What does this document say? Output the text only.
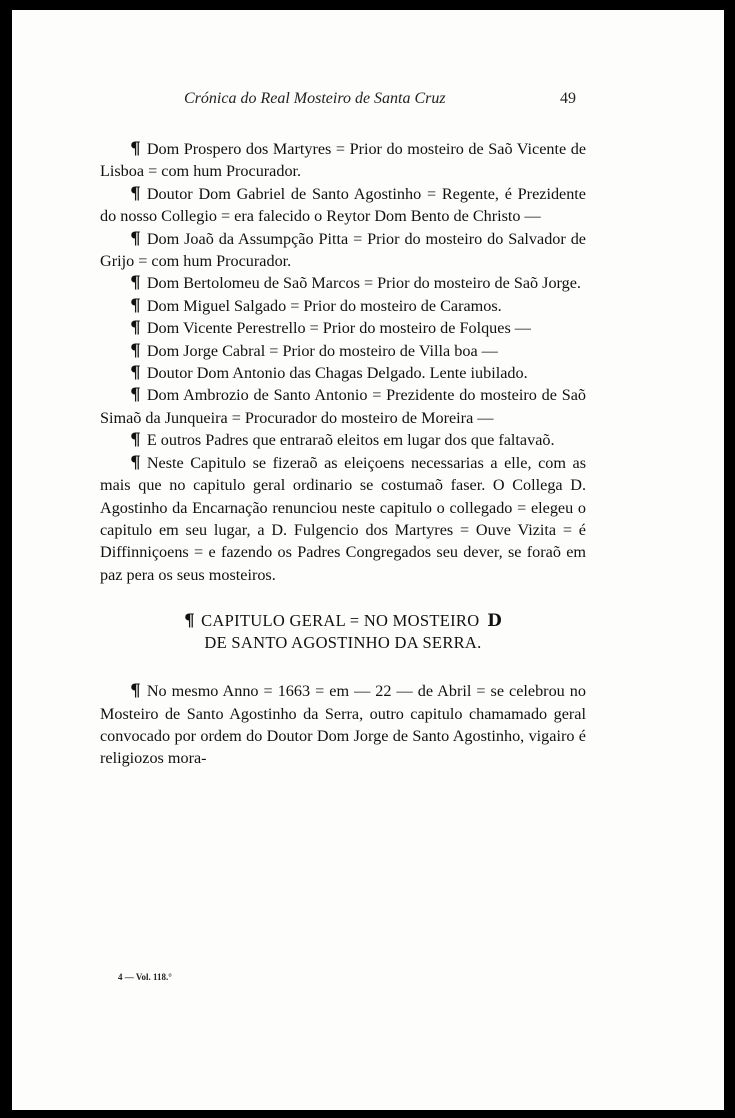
Crónica do Real Mosteiro de Santa Cruz	49

¶ Dom Prospero dos Martyres = Prior do mosteiro de Saõ Vicente de Lisboa = com hum Procurador.

¶ Doutor Dom Gabriel de Santo Agostinho = Regente, é Prezidente do nosso Collegio = era falecido o Reytor Dom Bento de Christo —

¶ Dom Joaõ da Assumpção Pitta = Prior do mosteiro do Salvador de Grijo = com hum Procurador.

¶ Dom Bertolomeu de Saõ Marcos = Prior do mosteiro de Saõ Jorge.

¶ Dom Miguel Salgado = Prior do mosteiro de Caramos.

¶ Dom Vicente Perestrello = Prior do mosteiro de Folques —

¶ Dom Jorge Cabral = Prior do mosteiro de Villa boa —

¶ Doutor Dom Antonio das Chagas Delgado. Lente iubilado.

¶ Dom Ambrozio de Santo Antonio = Prezidente do mosteiro de Saõ Simaõ da Junqueira = Procurador do mosteiro de Moreira —

¶ E outros Padres que entraraõ eleitos em lugar dos que faltavaõ.

¶ Neste Capitulo se fizeraõ as eleiçoens necessarias a elle, com as mais que no capitulo geral ordinario se costumaõ faser. O Collega D. Agostinho da Encarnação renunciou neste capitulo o collegado = elegeu o capitulo em seu lugar, a D. Fulgencio dos Martyres = Ouve Vizita = é Diffinniçoens = e fazendo os Padres Congregados seu dever, se foraõ em paz pera os seus mosteiros.

¶ CAPITULO GERAL = NO MOSTEIRO D
DE SANTO AGOSTINHO DA SERRA.

¶ No mesmo Anno = 1663 = em — 22 — de Abril = se celebrou no Mosteiro de Santo Agostinho da Serra, outro capitulo chamamado geral convocado por ordem do Doutor Dom Jorge de Santo Agostinho, vigairo é religiozos mora-

4 — Vol. 118.°
